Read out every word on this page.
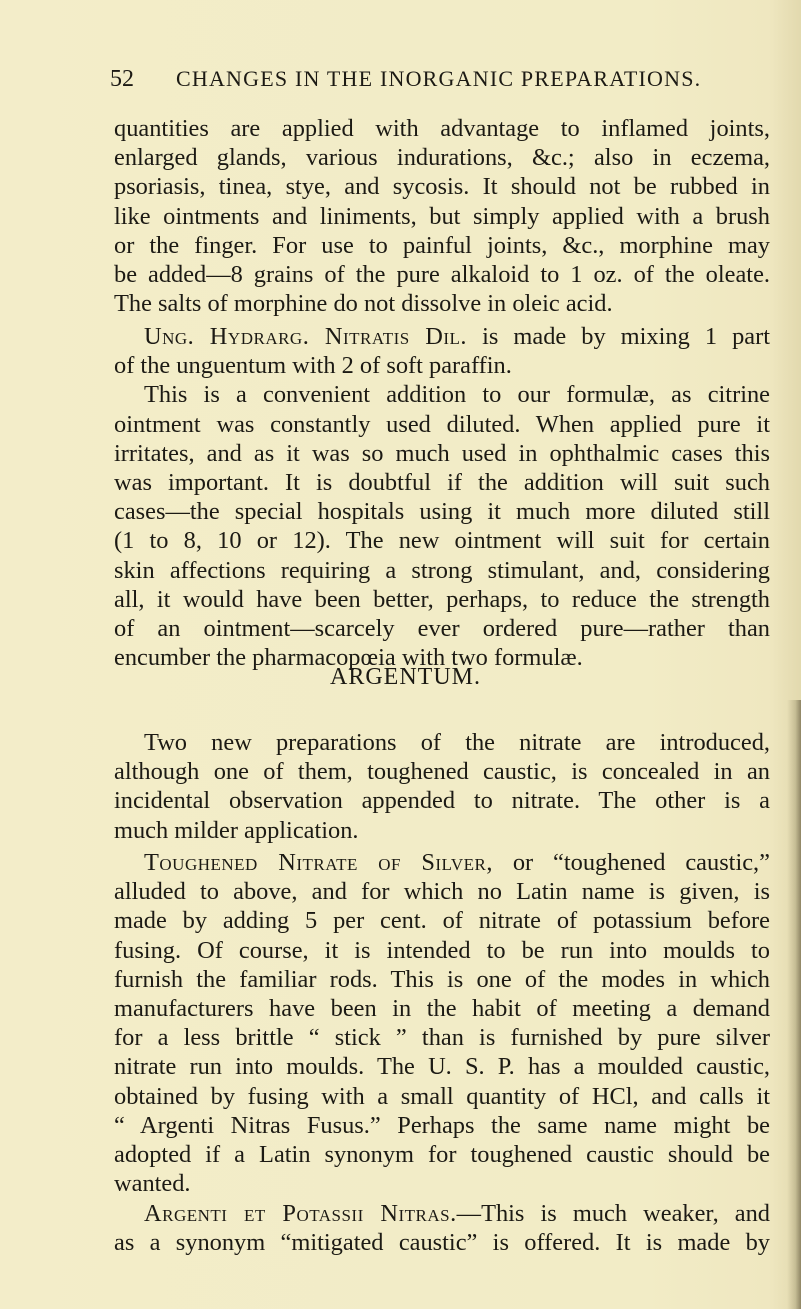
52 CHANGES IN THE INORGANIC PREPARATIONS.
quantities are applied with advantage to inflamed joints,
enlarged glands, various indurations, &c.; also in eczema,
psoriasis, tinea, stye, and sycosis. It should not be rubbed in
like ointments and liniments, but simply applied with a brush
or the finger. For use to painful joints, &c., morphine may
be added—8 grains of the pure alkaloid to 1 oz. of the oleate.
The salts of morphine do not dissolve in oleic acid.
Ung. Hydrarg. Nitratis Dil. is made by mixing 1 part
of the unguentum with 2 of soft paraffin.
This is a convenient addition to our formulæ, as citrine
ointment was constantly used diluted. When applied pure it
irritates, and as it was so much used in ophthalmic cases this
was important. It is doubtful if the addition will suit such
cases—the special hospitals using it much more diluted still
(1 to 8, 10 or 12). The new ointment will suit for certain
skin affections requiring a strong stimulant, and, considering
all, it would have been better, perhaps, to reduce the strength
of an ointment—scarcely ever ordered pure—rather than
encumber the pharmacopœia with two formulæ.
ARGENTUM.
Two new preparations of the nitrate are introduced,
although one of them, toughened caustic, is concealed in an
incidental observation appended to nitrate. The other is a
much milder application.
Toughened Nitrate of Silver, or “toughened caustic,”
alluded to above, and for which no Latin name is given, is
made by adding 5 per cent. of nitrate of potassium before
fusing. Of course, it is intended to be run into moulds to
furnish the familiar rods. This is one of the modes in which
manufacturers have been in the habit of meeting a demand
for a less brittle “ stick ” than is furnished by pure silver
nitrate run into moulds. The U. S. P. has a moulded caustic,
obtained by fusing with a small quantity of HCl, and calls it
“ Argenti Nitras Fusus.” Perhaps the same name might be
adopted if a Latin synonym for toughened caustic should be
wanted.
Argenti et Potassii Nitras.—This is much weaker, and
as a synonym “mitigated caustic” is offered. It is made by
